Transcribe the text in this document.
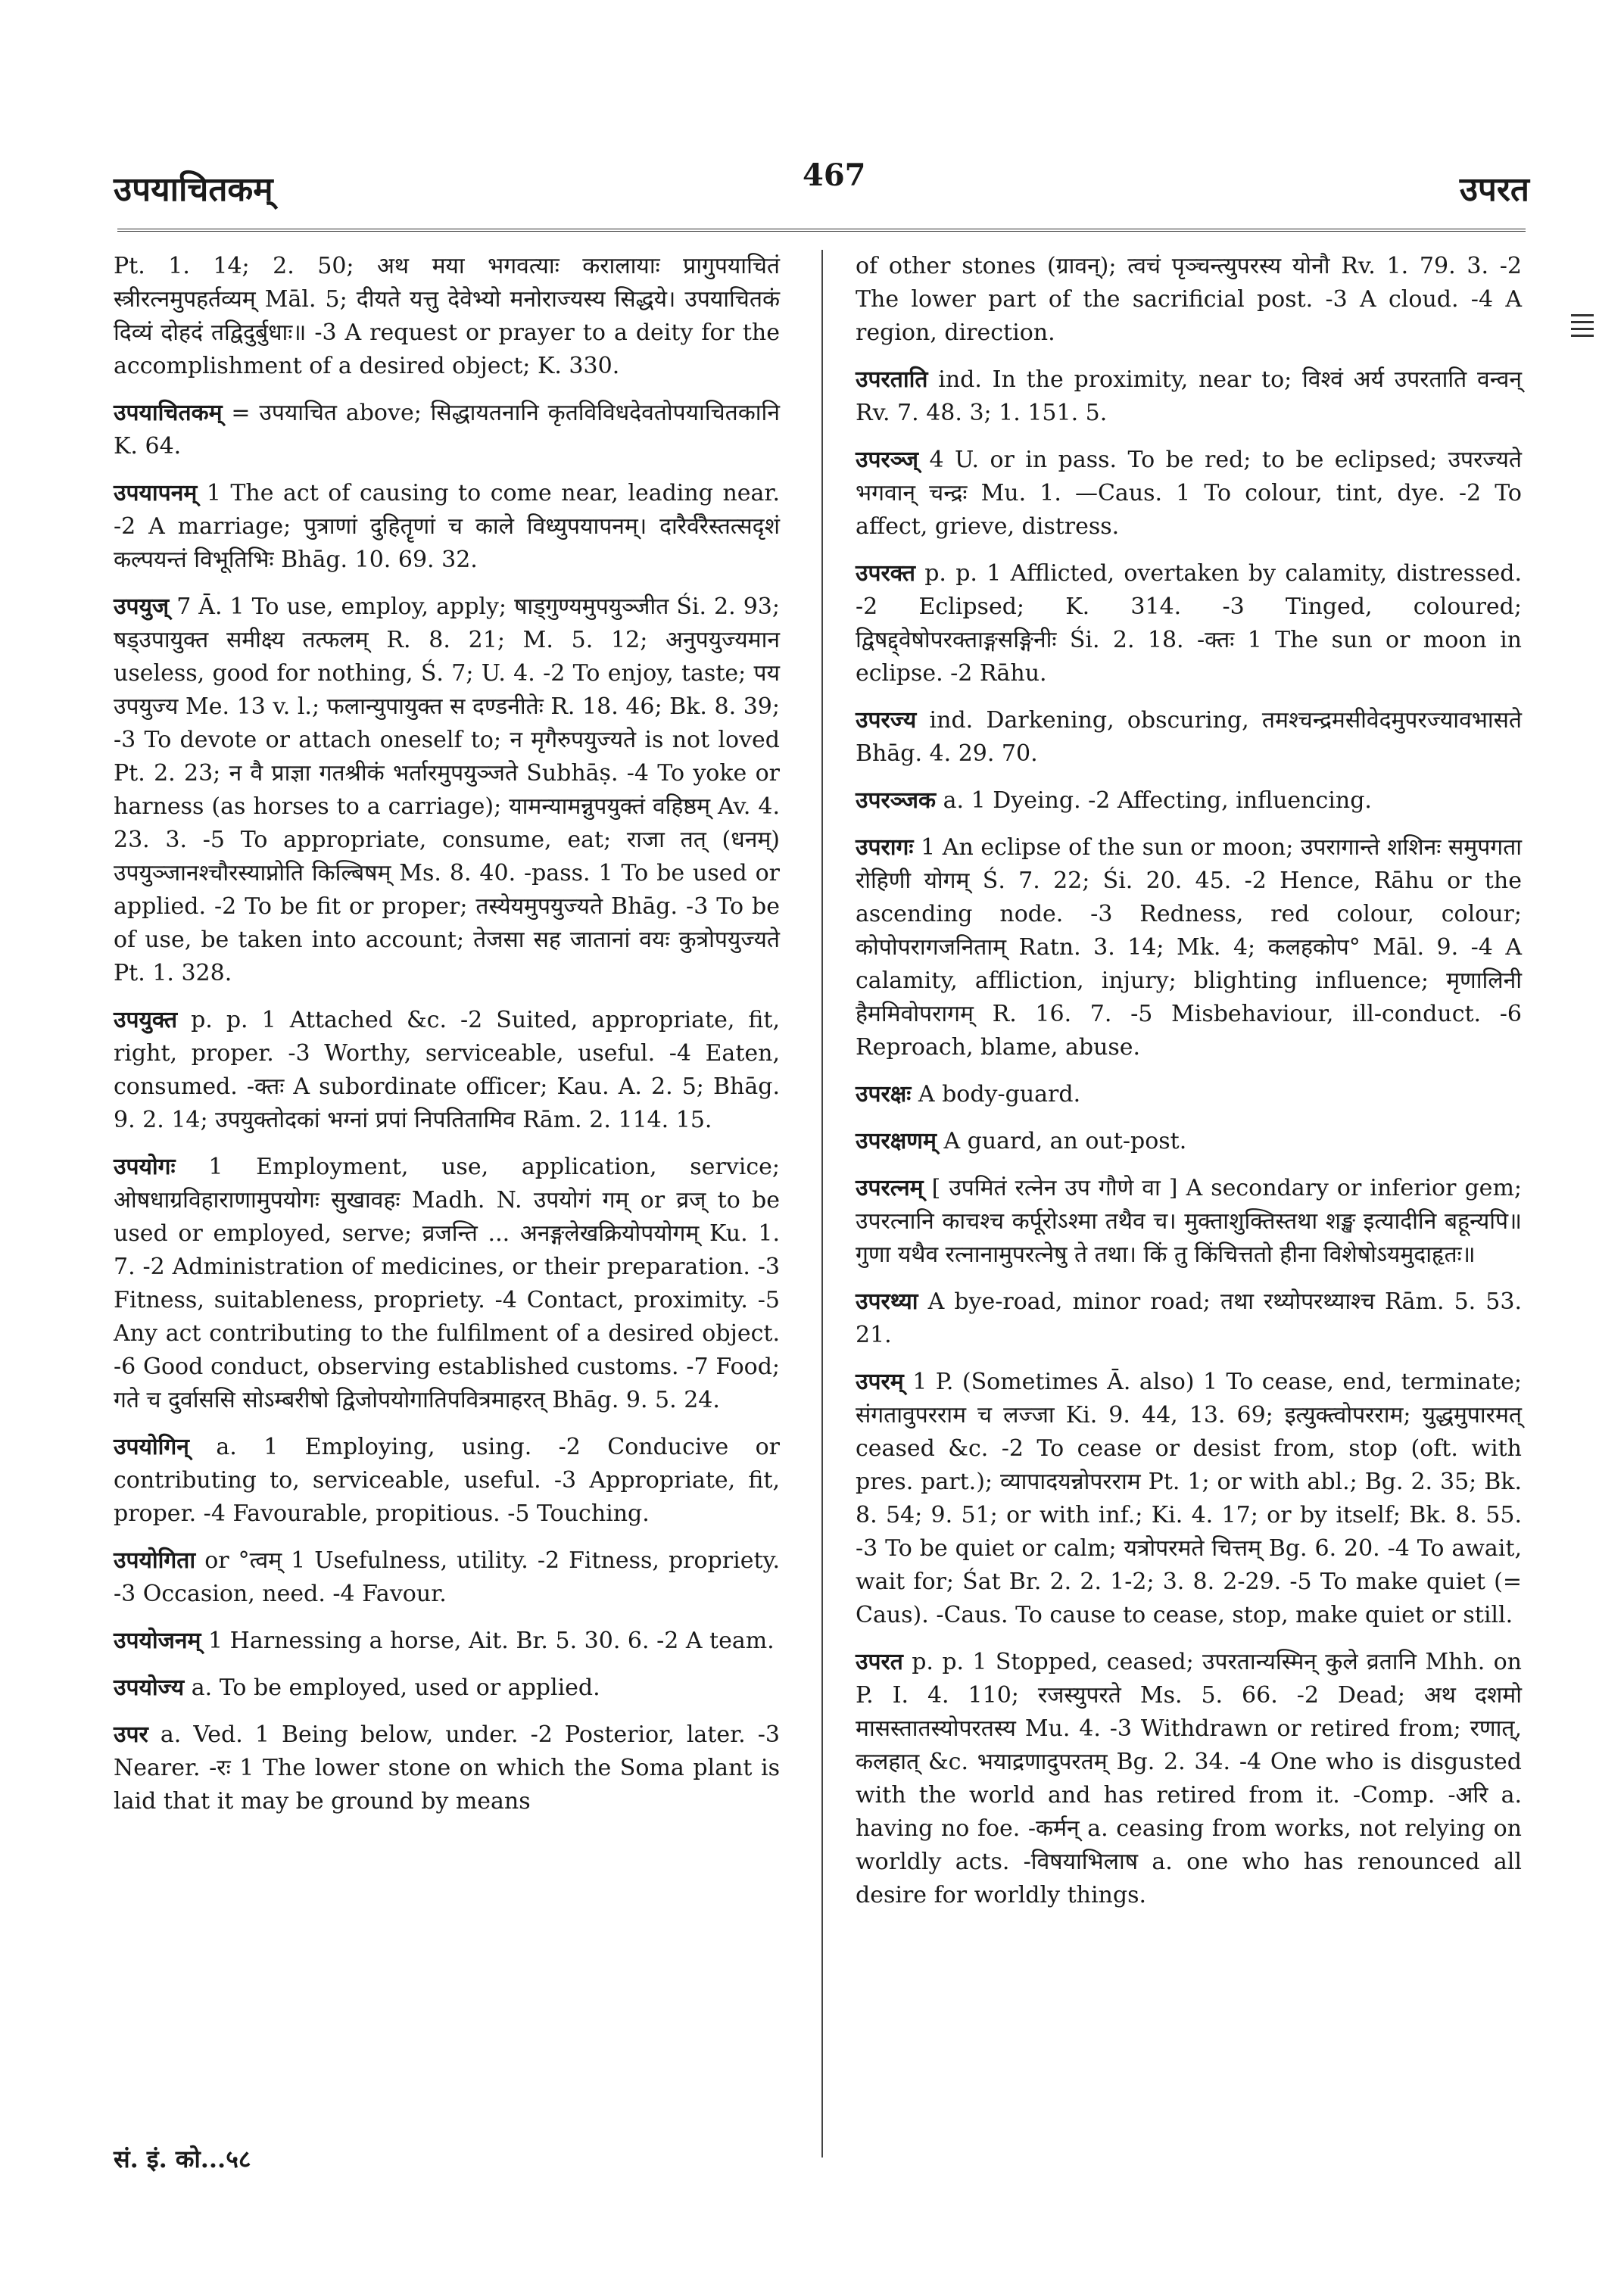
उपयाचितकम्	467	उपरत

Pt. 1. 14; 2. 50; अथ मया भगवत्याः करालायाः प्रागुपयाचितं स्त्रीरत्नमुपहर्तव्यम् Māl. 5; दीयते यत्तु देवेभ्यो मनोराज्यस्य सिद्धये। उपयाचितकं दिव्यं दोहदं तद्विदुर्बुधाः॥ -3 A request or prayer to a deity for the accomplishment of a desired object; K. 330.

उपयाचितकम् = उपयाचित above; सिद्धायतनानि कृतविविधदेवतोपयाचितकानि K. 64.

उपयापनम् 1 The act of causing to come near, leading near. -2 A marriage; पुत्राणां दुहितॄणां च काले विध्युपयापनम्। दारैर्वरैस्तत्सदृशं कल्पयन्तं विभूतिभिः Bhāg. 10. 69. 32.

उपयुज् 7 Ā. 1 To use, employ, apply; षाड्गुण्यमुपयुञ्जीत Śi. 2. 93; षड्उपायुक्त समीक्ष्य तत्फलम् R. 8. 21; M. 5. 12; अनुपयुज्यमान useless, good for nothing, Ś. 7; U. 4. -2 To enjoy, taste; पय उपयुज्य Me. 13 v. l.; फलान्युपायुक्त स दण्डनीतेः R. 18. 46; Bk. 8. 39; -3 To devote or attach oneself to; न मृगैरुपयुज्यते is not loved Pt. 2. 23; न वै प्राज्ञा गतश्रीकं भर्तारमुपयुञ्जते Subhāṣ. -4 To yoke or harness (as horses to a carriage); यामन्यामन्नुपयुक्तं वहिष्ठम् Av. 4. 23. 3. -5 To appropriate, consume, eat; राजा तत् (धनम्) उपयुञ्जानश्चौरस्याप्नोति किल्बिषम् Ms. 8. 40. -pass. 1 To be used or applied. -2 To be fit or proper; तस्येयमुपयुज्यते Bhāg. -3 To be of use, be taken into account; तेजसा सह जातानां वयः कुत्रोपयुज्यते Pt. 1. 328.

उपयुक्त p. p. 1 Attached &c. -2 Suited, appropriate, fit, right, proper. -3 Worthy, serviceable, useful. -4 Eaten, consumed. -क्तः A subordinate officer; Kau. A. 2. 5; Bhāg. 9. 2. 14; उपयुक्तोदकां भग्नां प्रपां निपतितामिव Rām. 2. 114. 15.

उपयोगः 1 Employment, use, application, service; ओषधाग्रविहाराणामुपयोगः सुखावहः Madh. N. उपयोगं गम् or व्रज् to be used or employed, serve; व्रजन्ति ... अनङ्गलेखक्रियोपयोगम् Ku. 1. 7. -2 Administration of medicines, or their preparation. -3 Fitness, suitableness, propriety. -4 Contact, proximity. -5 Any act contributing to the fulfilment of a desired object. -6 Good conduct, observing established customs. -7 Food; गते च दुर्वाससि सोऽम्बरीषो द्विजोपयोगातिपवित्रमाहरत् Bhāg. 9. 5. 24.

उपयोगिन् a. 1 Employing, using. -2 Conducive or contributing to, serviceable, useful. -3 Appropriate, fit, proper. -4 Favourable, propitious. -5 Touching.

उपयोगिता or °त्वम् 1 Usefulness, utility. -2 Fitness, propriety. -3 Occasion, need. -4 Favour.

उपयोजनम् 1 Harnessing a horse, Ait. Br. 5. 30. 6. -2 A team.

उपयोज्य a. To be employed, used or applied.

उपर a. Ved. 1 Being below, under. -2 Posterior, later. -3 Nearer. -रः 1 The lower stone on which the Soma plant is laid that it may be ground by means

of other stones (ग्रावन्); त्वचं पृञ्चन्त्युपरस्य योनौ Rv. 1. 79. 3. -2 The lower part of the sacrificial post. -3 A cloud. -4 A region, direction.

उपरताति ind. In the proximity, near to; विश्वं अर्य उपरताति वन्वन् Rv. 7. 48. 3; 1. 151. 5.

उपरञ्ज् 4 U. or in pass. To be red; to be eclipsed; उपरज्यते भगवान् चन्द्रः Mu. 1. —Caus. 1 To colour, tint, dye. -2 To affect, grieve, distress.

उपरक्त p. p. 1 Afflicted, overtaken by calamity, distressed. -2 Eclipsed; K. 314. -3 Tinged, coloured; द्विषद्द्वेषोपरक्ताङ्गसङ्गिनीः Śi. 2. 18. -क्तः 1 The sun or moon in eclipse. -2 Rāhu.

उपरज्य ind. Darkening, obscuring, तमश्चन्द्रमसीवेदमुपरज्यावभासते Bhāg. 4. 29. 70.

उपरञ्जक a. 1 Dyeing. -2 Affecting, influencing.

उपरागः 1 An eclipse of the sun or moon; उपरागान्ते शशिनः समुपगता रोहिणी योगम् Ś. 7. 22; Śi. 20. 45. -2 Hence, Rāhu or the ascending node. -3 Redness, red colour, colour; कोपोपरागजनिताम् Ratn. 3. 14; Mk. 4; कलहकोप° Māl. 9. -4 A calamity, affliction, injury; blighting influence; मृणालिनी हैममिवोपरागम् R. 16. 7. -5 Misbehaviour, ill-conduct. -6 Reproach, blame, abuse.

उपरक्षः A body-guard.

उपरक्षणम् A guard, an out-post.

उपरत्नम् [ उपमितं रत्नेन उप गौणे वा ] A secondary or inferior gem; उपरत्नानि काचश्च कर्पूरोऽश्मा तथैव च। मुक्ताशुक्तिस्तथा शङ्ख इत्यादीनि बहून्यपि॥ गुणा यथैव रत्नानामुपरत्नेषु ते तथा। किं तु किंचित्ततो हीना विशेषोऽयमुदाहृतः॥

उपरथ्या A bye-road, minor road; तथा रथ्योपरथ्याश्च Rām. 5. 53. 21.

उपरम् 1 P. (Sometimes Ā. also) 1 To cease, end, terminate; संगतावुपरराम च लज्जा Ki. 9. 44, 13. 69; इत्युक्त्वोपरराम; युद्धमुपारमत् ceased &c. -2 To cease or desist from, stop (oft. with pres. part.); व्यापादयन्नोपरराम Pt. 1; or with abl.; Bg. 2. 35; Bk. 8. 54; 9. 51; or with inf.; Ki. 4. 17; or by itself; Bk. 8. 55. -3 To be quiet or calm; यत्रोपरमते चित्तम् Bg. 6. 20. -4 To await, wait for; Śat Br. 2. 2. 1-2; 3. 8. 2-29. -5 To make quiet (= Caus). -Caus. To cause to cease, stop, make quiet or still.

उपरत p. p. 1 Stopped, ceased; उपरतान्यस्मिन् कुले व्रतानि Mhh. on P. I. 4. 110; रजस्युपरते Ms. 5. 66. -2 Dead; अथ दशमो मासस्तातस्योपरतस्य Mu. 4. -3 Withdrawn or retired from; रणात्, कलहात् &c. भयाद्रणादुपरतम् Bg. 2. 34. -4 One who is disgusted with the world and has retired from it. -Comp. -अरि a. having no foe. -कर्मन् a. ceasing from works, not relying on worldly acts. -विषयाभिलाष a. one who has renounced all desire for worldly things.

सं. इं. को...५८
